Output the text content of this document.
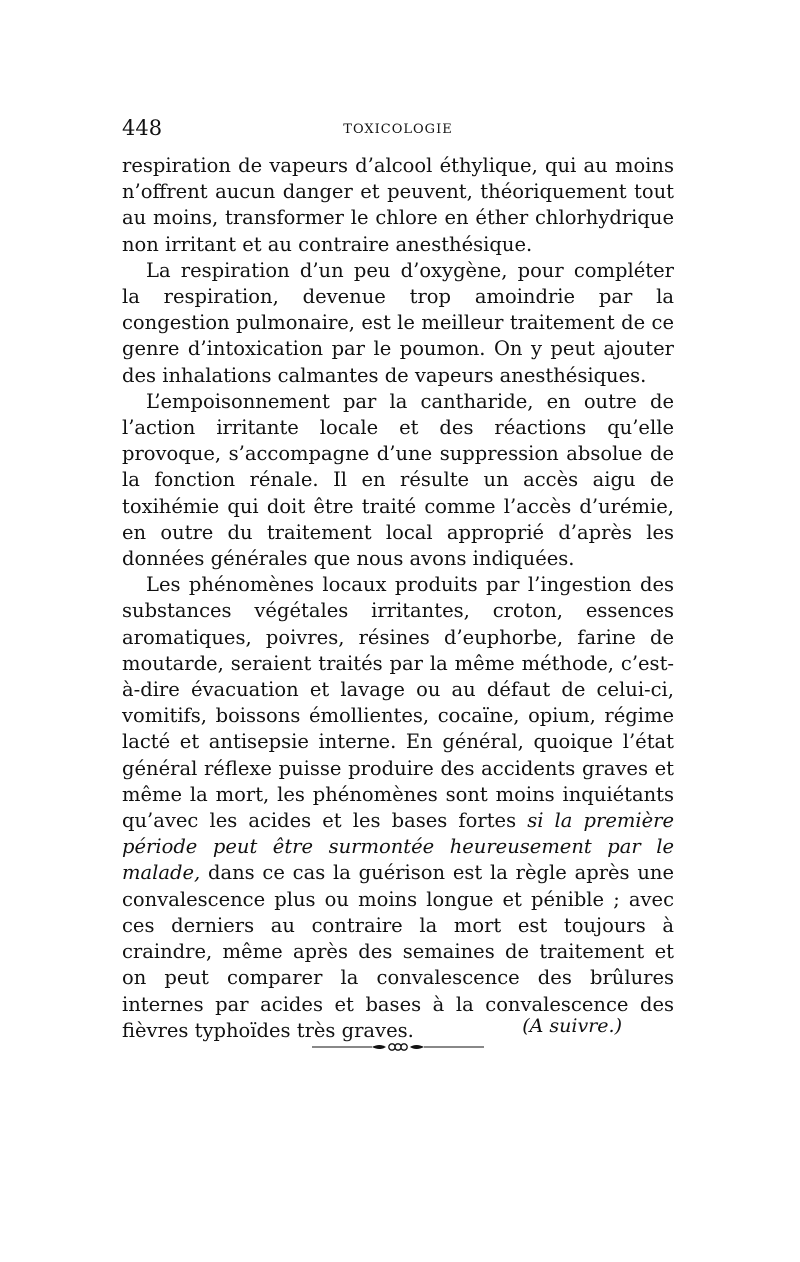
448	TOXICOLOGIE

respiration de vapeurs d’alcool éthylique, qui au moins n’offrent aucun danger et peuvent, théoriquement tout au moins, transformer le chlore en éther chlorhydrique non irritant et au contraire anesthésique.

La respiration d’un peu d’oxygène, pour compléter la respiration, devenue trop amoindrie par la congestion pulmonaire, est le meilleur traitement de ce genre d’intoxication par le poumon. On y peut ajouter des inhalations calmantes de vapeurs anesthésiques.

L’empoisonnement par la cantharide, en outre de l’action irritante locale et des réactions qu’elle provoque, s’accompagne d’une suppression absolue de la fonction rénale. Il en résulte un accès aigu de toxihémie qui doit être traité comme l’accès d’urémie, en outre du traitement local approprié d’après les données générales que nous avons indiquées.

Les phénomènes locaux produits par l’ingestion des substances végétales irritantes, croton, essences aromatiques, poivres, résines d’euphorbe, farine de moutarde, seraient traités par la même méthode, c’est-à-dire évacuation et lavage ou au défaut de celui-ci, vomitifs, boissons émollientes, cocaïne, opium, régime lacté et antisepsie interne. En général, quoique l’état général réflexe puisse produire des accidents graves et même la mort, les phénomènes sont moins inquiétants qu’avec les acides et les bases fortes si la première période peut être surmontée heureusement par le malade, dans ce cas la guérison est la règle après une convalescence plus ou moins longue et pénible ; avec ces derniers au contraire la mort est toujours à craindre, même après des semaines de traitement et on peut comparer la convalescence des brûlures internes par acides et bases à la convalescence des fièvres typhoïdes très graves.	(A suivre.)
